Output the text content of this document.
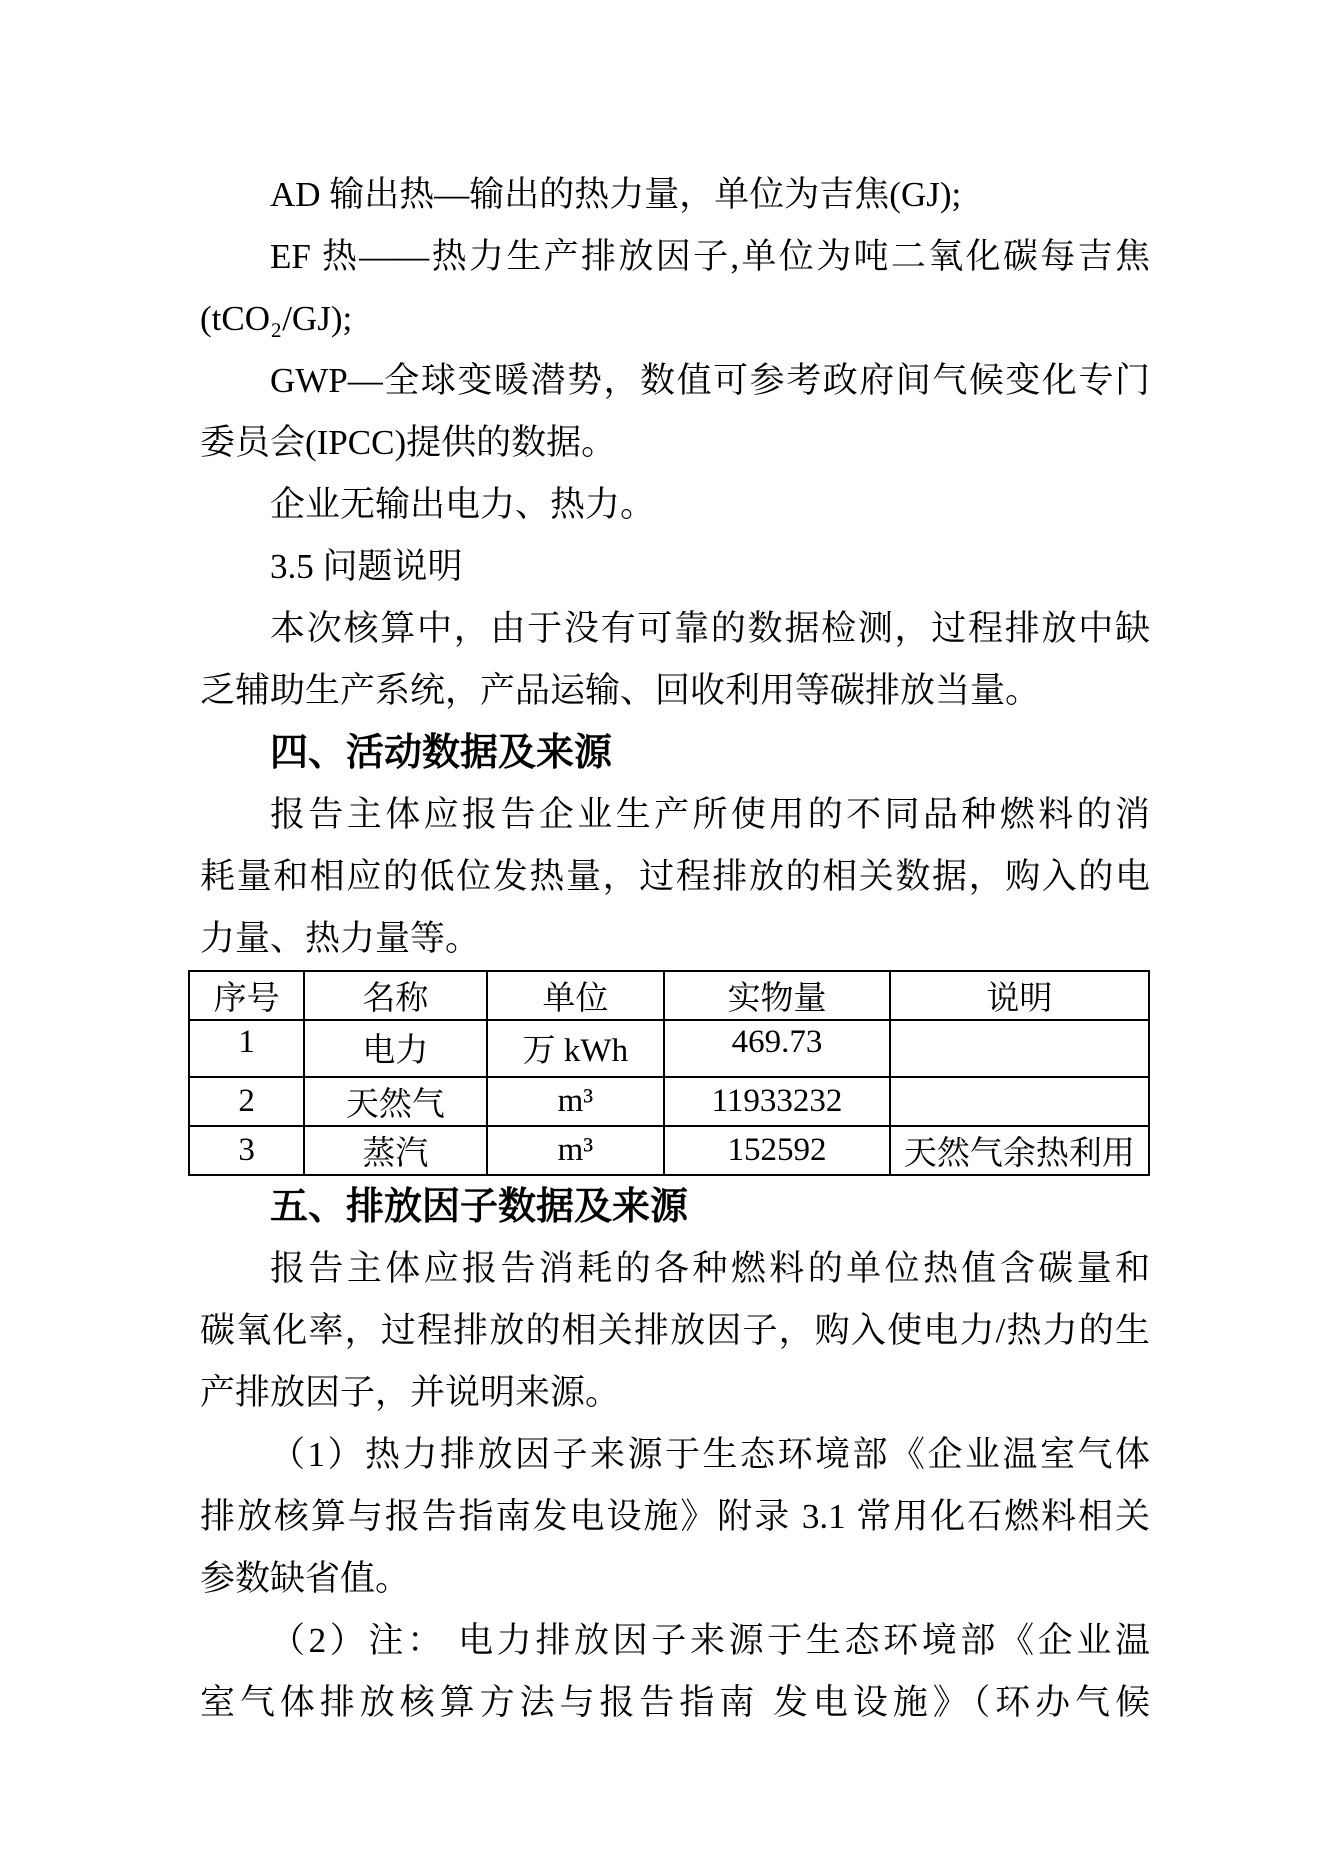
AD 输出热—输出的热力量，单位为吉焦(GJ);
EF 热——热力生产排放因子,单位为吨二氧化碳每吉焦
(tCO₂/GJ);
GWP—全球变暖潜势，数值可参考政府间气候变化专门
委员会(IPCC)提供的数据。
企业无输出电力、热力。
3.5 问题说明
本次核算中，由于没有可靠的数据检测，过程排放中缺
乏辅助生产系统，产品运输、回收利用等碳排放当量。
四、活动数据及来源
报告主体应报告企业生产所使用的不同品种燃料的消
耗量和相应的低位发热量，过程排放的相关数据，购入的电
力量、热力量等。
序号	名称	单位	实物量	说明
1	电力	万 kWh	469.73	
2	天然气	m³	11933232	
3	蒸汽	m³	152592	天然气余热利用
五、排放因子数据及来源
报告主体应报告消耗的各种燃料的单位热值含碳量和
碳氧化率，过程排放的相关排放因子，购入使电力/热力的生
产排放因子，并说明来源。
（1）热力排放因子来源于生态环境部《企业温室气体
排放核算与报告指南发电设施》附录 3.1 常用化石燃料相关
参数缺省值。
（2）注： 电力排放因子来源于生态环境部《企业温
室气体排放核算方法与报告指南 发电设施》（环办气候
